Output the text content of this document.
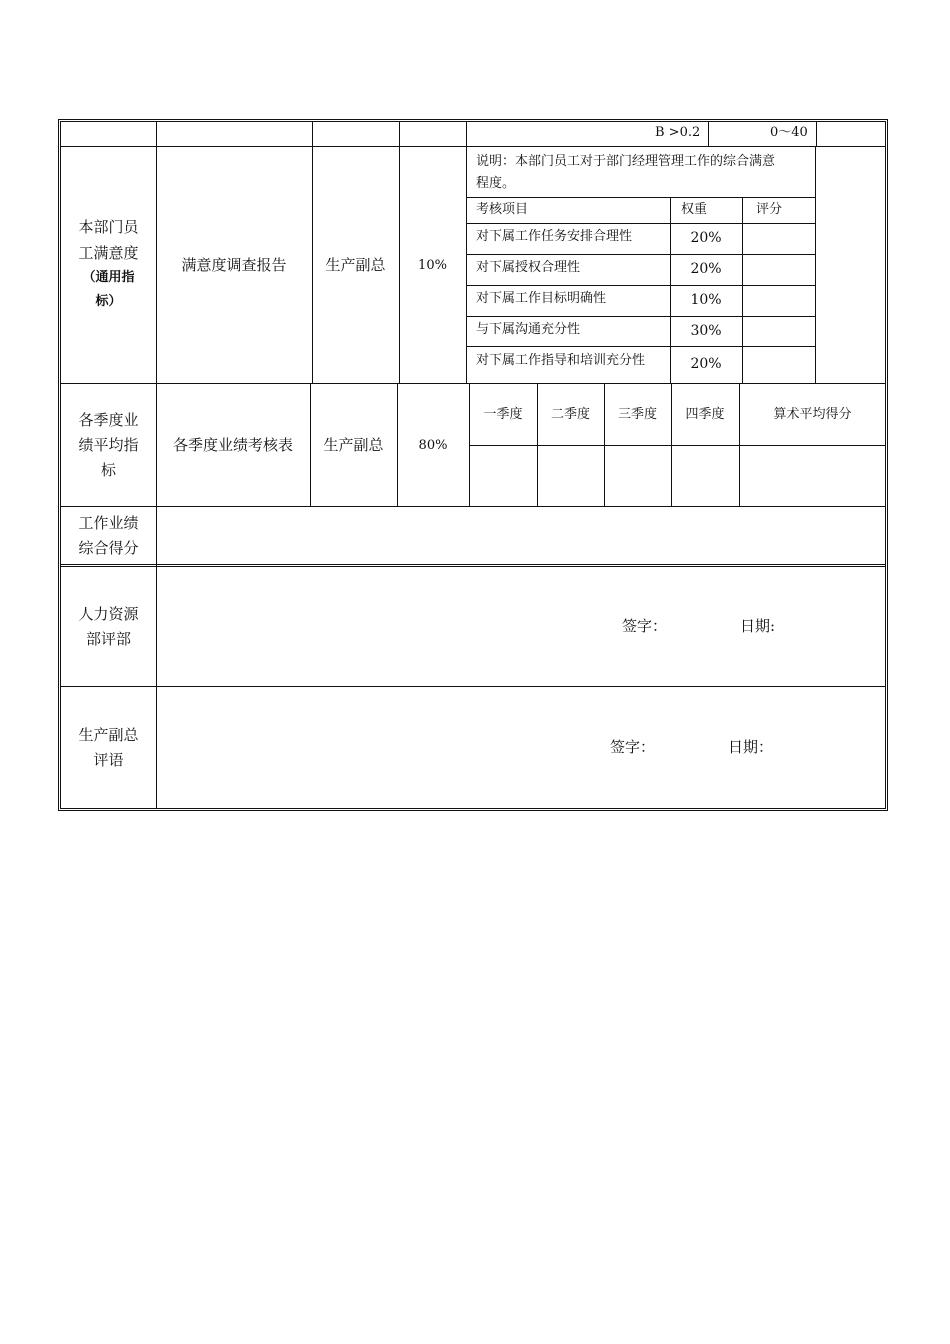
B >0.2	0～40
本部门员
工满意度
（通用指
标）
满意度调查报告	生产副总	10%
说明：本部门员工对于部门经理管理工作的综合满意
程度。
考核项目	权重	评分
对下属工作任务安排合理性	20%
对下属授权合理性	20%
对下属工作目标明确性	10%
与下属沟通充分性	30%
对下属工作指导和培训充分性	20%
各季度业
绩平均指
标
各季度业绩考核表	生产副总	80%
一季度	二季度	三季度	四季度	算术平均得分
工作业绩
综合得分
人力资源
部评部
签字：	日期:
生产副总
评语
签字：	日期：
